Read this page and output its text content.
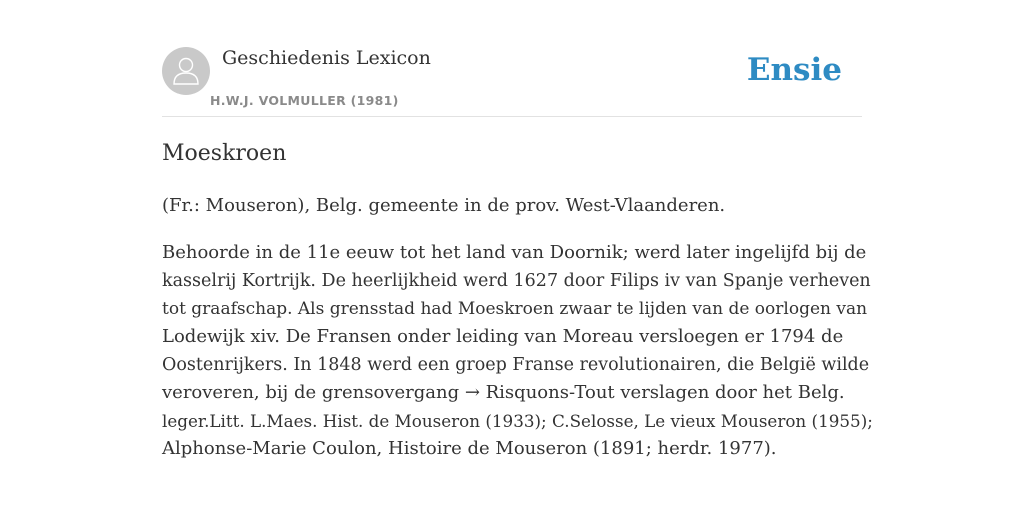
Geschiedenis Lexicon
H.W.J. VOLMULLER (1981)
Ensie
Moeskroen

(Fr.: Mouseron), Belg. gemeente in de prov. West-Vlaanderen.

Behoorde in de 11e eeuw tot het land van Doornik; werd later ingelijfd bij de
kasselrij Kortrijk. De heerlijkheid werd 1627 door Filips iv van Spanje verheven
tot graafschap. Als grensstad had Moeskroen zwaar te lijden van de oorlogen van
Lodewijk xiv. De Fransen onder leiding van Moreau versloegen er 1794 de
Oostenrijkers. In 1848 werd een groep Franse revolutionairen, die België wilde
veroveren, bij de grensovergang → Risquons-Tout verslagen door het Belg.
leger.Litt. L.Maes. Hist. de Mouseron (1933); C.Selosse, Le vieux Mouseron (1955);
Alphonse-Marie Coulon, Histoire de Mouseron (1891; herdr. 1977).
